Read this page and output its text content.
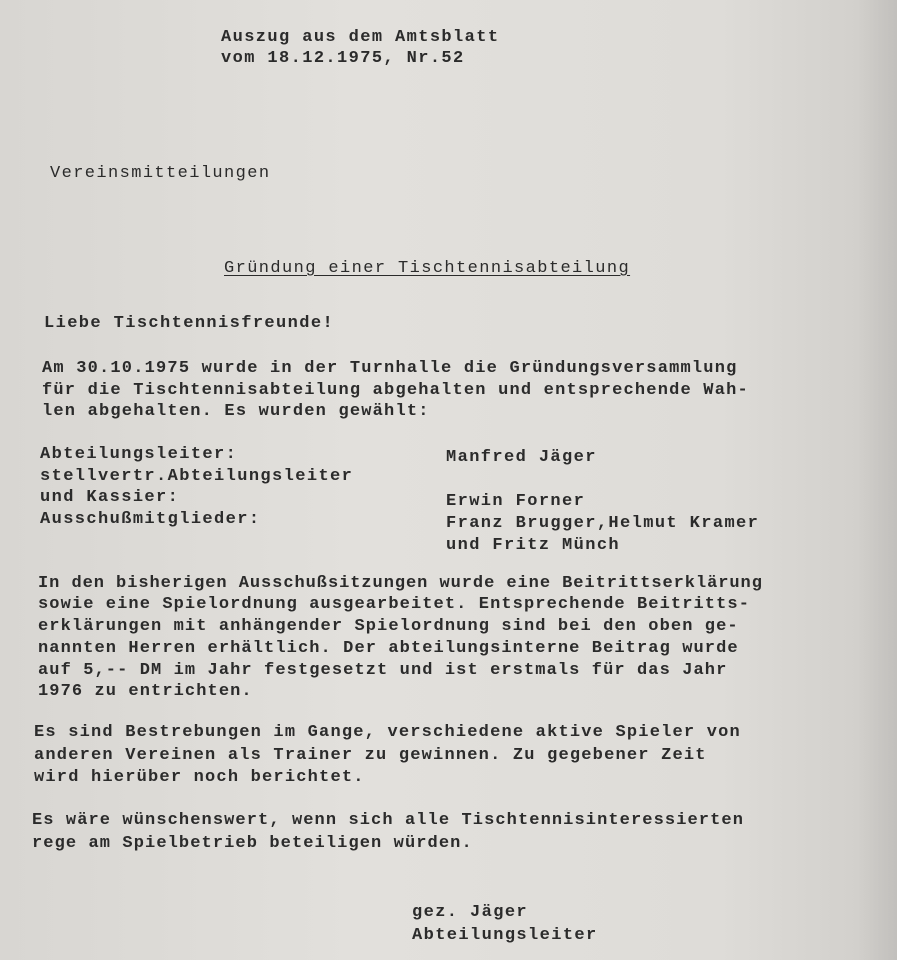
Auszug aus dem Amtsblatt
vom 18.12.1975, Nr.52
Vereinsmitteilungen
Gründung einer Tischtennisabteilung
Liebe Tischtennisfreunde!
Am 30.10.1975 wurde in der Turnhalle die Gründungsversammlung
für die Tischtennisabteilung abgehalten und entsprechende Wah-
len abgehalten. Es wurden gewählt:
Abteilungsleiter:
stellvertr.Abteilungsleiter
und Kassier:
Ausschußmitglieder:
Manfred Jäger
Erwin Forner
Franz Brugger,Helmut Kramer
und Fritz Münch
In den bisherigen Ausschußsitzungen wurde eine Beitrittserklärung
sowie eine Spielordnung ausgearbeitet. Entsprechende Beitritts-
erklärungen mit anhängender Spielordnung sind bei den oben ge-
nannten Herren erhältlich. Der abteilungsinterne Beitrag wurde
auf 5,-- DM im Jahr festgesetzt und ist erstmals für das Jahr
1976 zu entrichten.
Es sind Bestrebungen im Gange, verschiedene aktive Spieler von
anderen Vereinen als Trainer zu gewinnen. Zu gegebener Zeit
wird hierüber noch berichtet.
Es wäre wünschenswert, wenn sich alle Tischtennisinteressierten
rege am Spielbetrieb beteiligen würden.
gez. Jäger
Abteilungsleiter
